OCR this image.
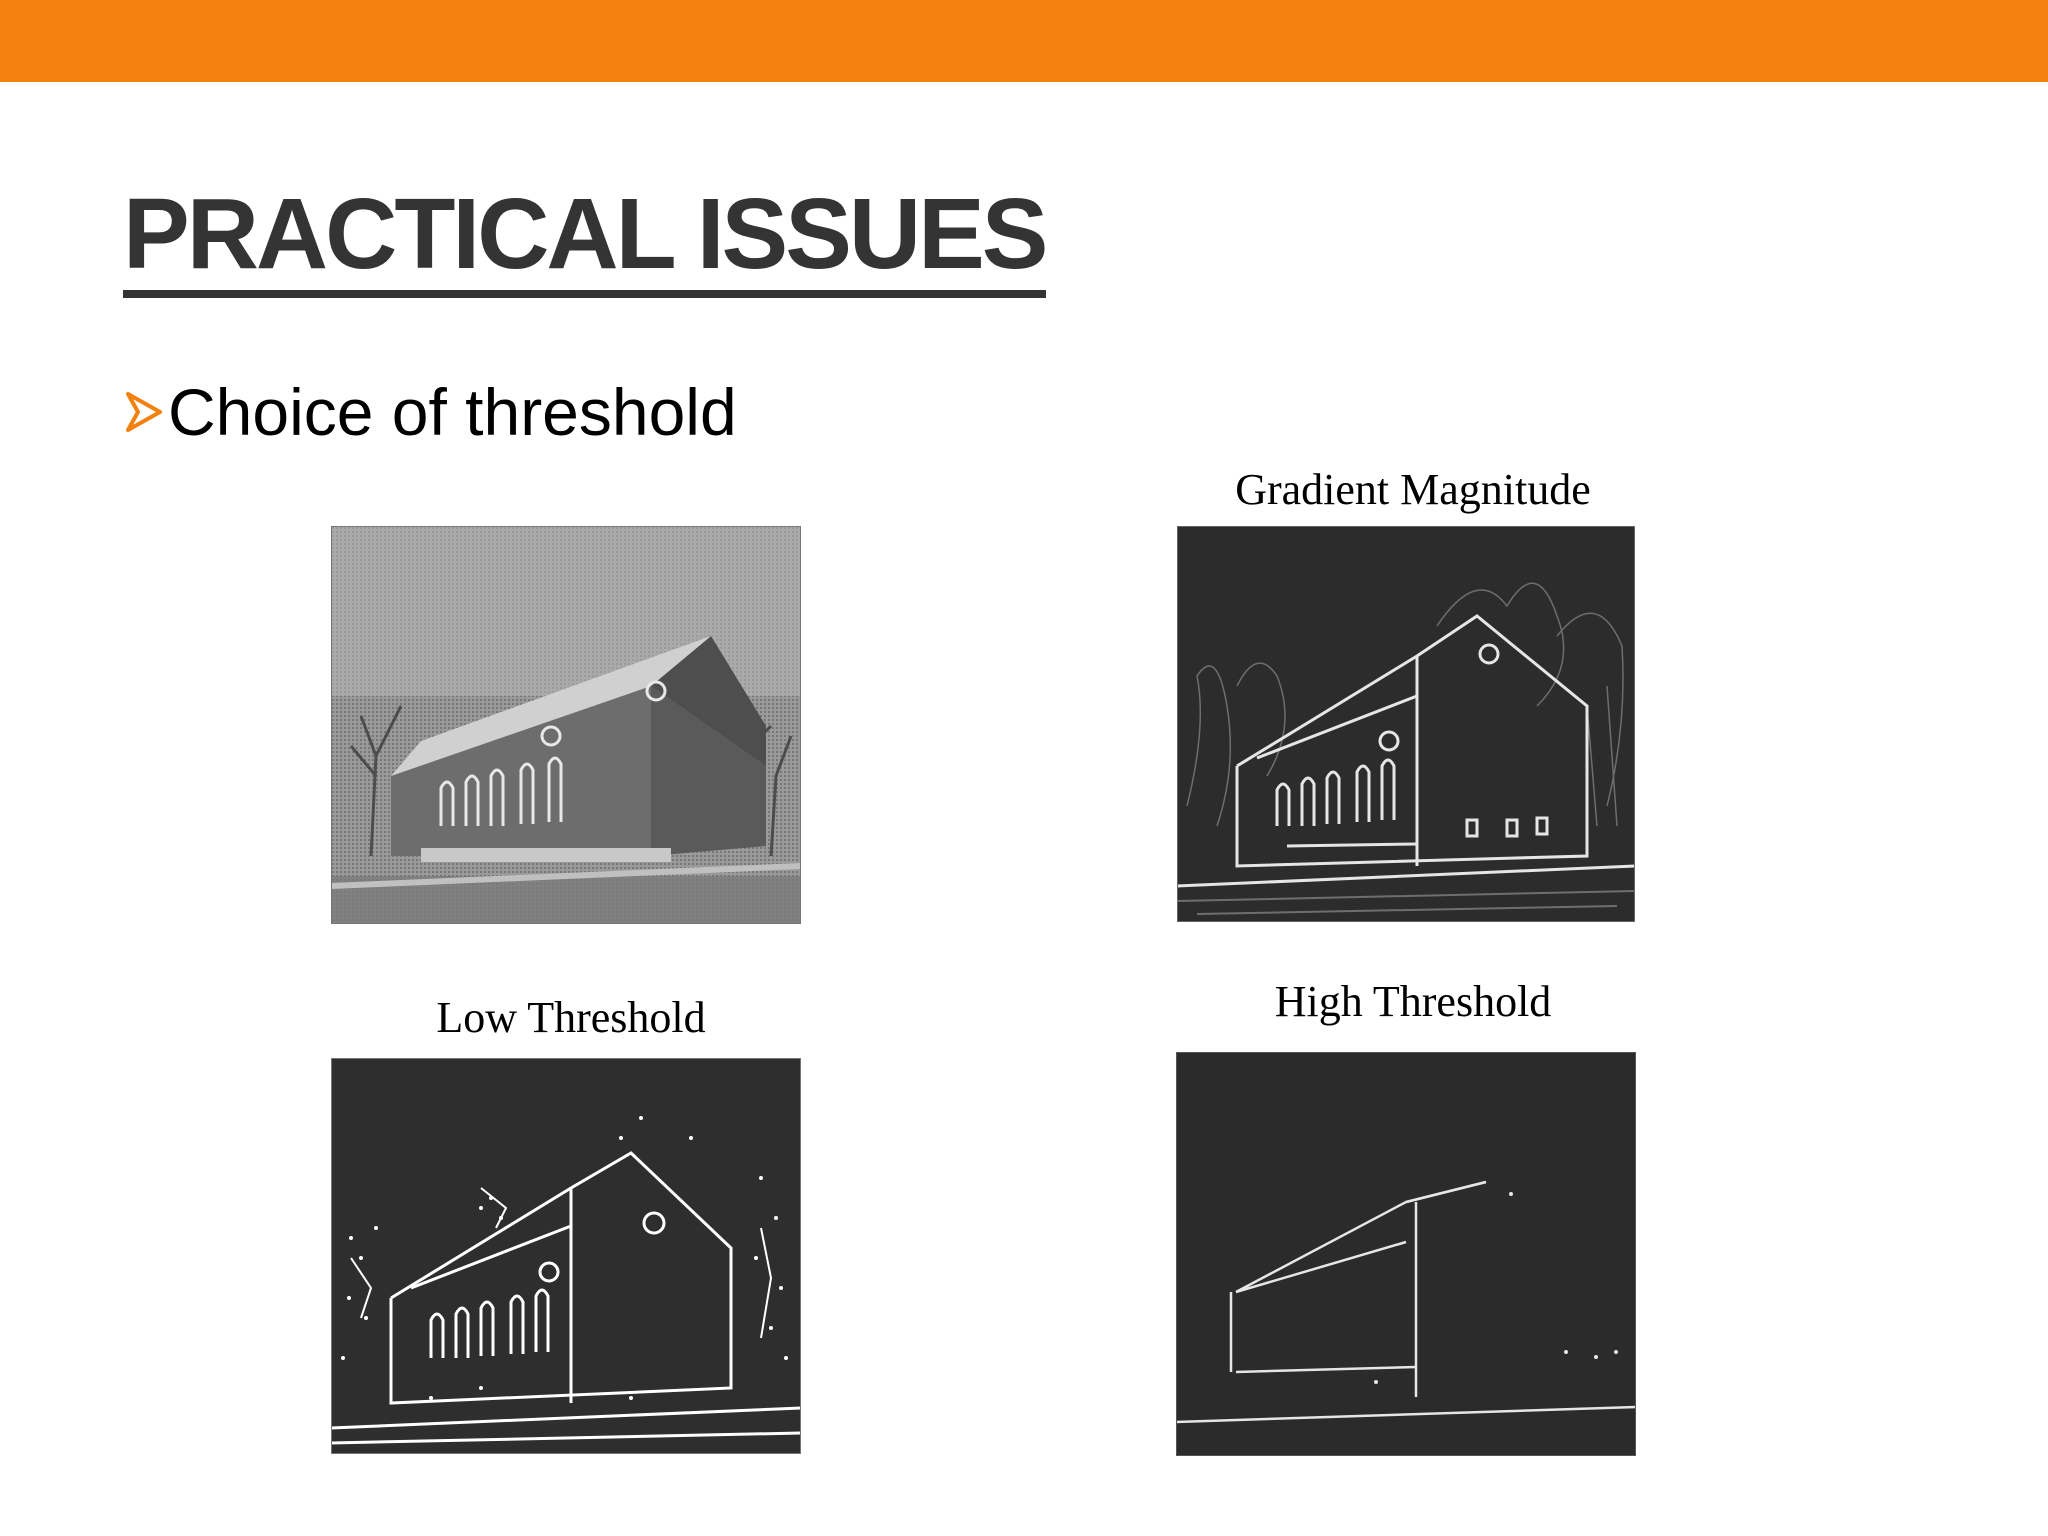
PRACTICAL ISSUES
Choice of threshold
Gradient Magnitude
Low Threshold	High Threshold
